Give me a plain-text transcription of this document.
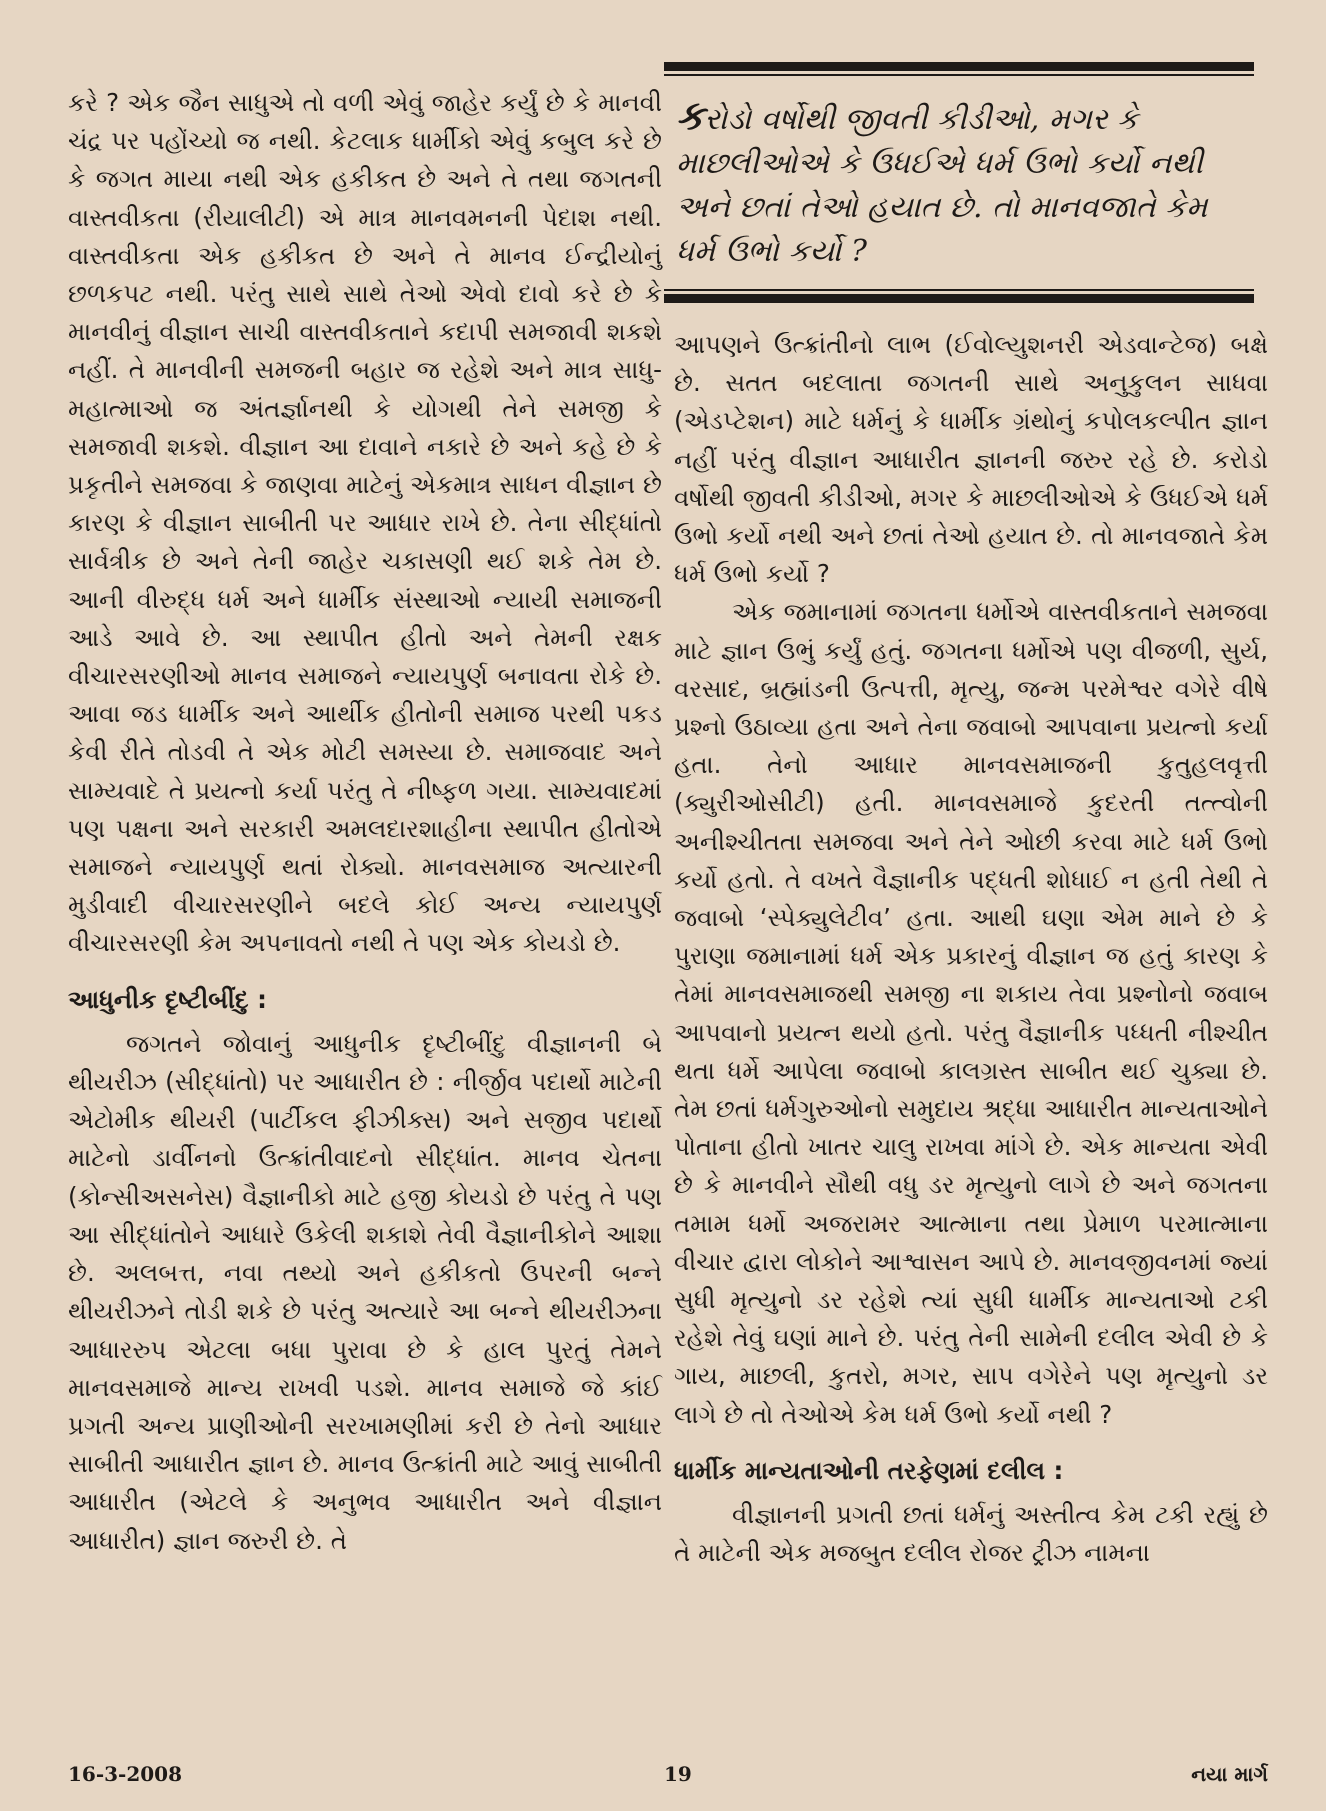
કરે ? એક જૈન સાધુએ તો વળી એવું જાહેર કર્યું છે કે માનવી ચંદ્ર પર પહોંચ્યો જ નથી. કેટલાક ધાર્મીકો એવું કબુલ કરે છે કે જગત માયા નથી એક હકીકત છે અને તે તથા જગતની વાસ્તવીકતા (રીયાલીટી) એ માત્ર માનવમનની પેદાશ નથી. વાસ્તવીકતા એક હકીકત છે અને તે માનવ ઈન્દ્રીયોનું છળકપટ નથી. પરંતુ સાથે સાથે તેઓ એવો દાવો કરે છે કે માનવીનું વીજ્ઞાન સાચી વાસ્તવીકતાને કદાપી સમજાવી શકશે નહીં. તે માનવીની સમજની બહાર જ રહેશે અને માત્ર સાધુ-મહાત્માઓ જ અંતર્જ્ઞાનથી કે યોગથી તેને સમજી કે સમજાવી શકશે. વીજ્ઞાન આ દાવાને નકારે છે અને કહે છે કે પ્રકૃતીને સમજવા કે જાણવા માટેનું એકમાત્ર સાધન વીજ્ઞાન છે કારણ કે વીજ્ઞાન સાબીતી પર આધાર રાખે છે. તેના સીદ્ધાંતો સાર્વત્રીક છે અને તેની જાહેર ચકાસણી થઈ શકે તેમ છે. આની વીરુદ્ધ ધર્મ અને ધાર્મીક સંસ્થાઓ ન્યાયી સમાજની આડે આવે છે. આ સ્થાપીત હીતો અને તેમની રક્ષક વીચારસરણીઓ માનવ સમાજને ન્યાયપુર્ણ બનાવતા રોકે છે. આવા જડ ધાર્મીક અને આર્થીક હીતોની સમાજ પરથી પકડ કેવી રીતે તોડવી તે એક મોટી સમસ્યા છે. સમાજવાદ અને સામ્યવાદે તે પ્રયત્નો કર્યા પરંતુ તે નીષ્ફળ ગયા. સામ્યવાદમાં પણ પક્ષના અને સરકારી અમલદારશાહીના સ્થાપીત હીતોએ સમાજને ન્યાયપુર્ણ થતાં રોક્યો. માનવસમાજ અત્યારની મુડીવાદી વીચારસરણીને બદલે કોઈ અન્ય ન્યાયપુર્ણ વીચારસરણી કેમ અપનાવતો નથી તે પણ એક કોયડો છે.

આધુનીક દૃષ્ટીબીંદુ :

જગતને જોવાનું આધુનીક દૃષ્ટીબીંદુ વીજ્ઞાનની બે થીયરીઝ (સીદ્ધાંતો) પર આધારીત છે : નીર્જીવ પદાર્થો માટેની એટોમીક થીયરી (પાર્ટીકલ ફીઝીક્સ) અને સજીવ પદાર્થો માટેનો ડાર્વીનનો ઉત્ક્રાંતીવાદનો સીદ્ધાંત. માનવ ચેતના (કોન્સીઅસનેસ) વૈજ્ઞાનીકો માટે હજી કોયડો છે પરંતુ તે પણ આ સીદ્ધાંતોને આધારે ઉકેલી શકાશે તેવી વૈજ્ઞાનીકોને આશા છે. અલબત્ત, નવા તથ્યો અને હકીકતો ઉપરની બન્ને થીયરીઝને તોડી શકે છે પરંતુ અત્યારે આ બન્ને થીયરીઝના આધારરુપ એટલા બધા પુરાવા છે કે હાલ પુરતું તેમને માનવસમાજે માન્ય રાખવી પડશે. માનવ સમાજે જે કાંઈ પ્રગતી અન્ય પ્રાણીઓની સરખામણીમાં કરી છે તેનો આધાર સાબીતી આધારીત જ્ઞાન છે. માનવ ઉત્ક્રાંતી માટે આવું સાબીતી આધારીત (એટલે કે અનુભવ આધારીત અને વીજ્ઞાન આધારીત) જ્ઞાન જરુરી છે. તે

કરોડો વર્ષોથી જીવતી કીડીઓ, મગર કે માછલીઓએ કે ઉધઈએ ધર્મ ઉભો કર્યો નથી અને છતાં તેઓ હયાત છે. તો માનવજાતે કેમ ધર્મ ઉભો કર્યો ?

આપણને ઉત્ક્રાંતીનો લાભ (ઈવોલ્યુશનરી એડવાન્ટેજ) બક્ષે છે. સતત બદલાતા જગતની સાથે અનુકુલન સાધવા (એડપ્ટેશન) માટે ધર્મનું કે ધાર્મીક ગ્રંથોનું કપોલકલ્પીત જ્ઞાન નહીં પરંતુ વીજ્ઞાન આધારીત જ્ઞાનની જરુર રહે છે. કરોડો વર્ષોથી જીવતી કીડીઓ, મગર કે માછલીઓએ કે ઉધઈએ ધર્મ ઉભો કર્યો નથી અને છતાં તેઓ હયાત છે. તો માનવજાતે કેમ ધર્મ ઉભો કર્યો ?

એક જમાનામાં જગતના ધર્મોએ વાસ્તવીકતાને સમજવા માટે જ્ઞાન ઉભું કર્યું હતું. જગતના ધર્મોએ પણ વીજળી, સુર્ય, વરસાદ, બ્રહ્માંડની ઉત્પત્તી, મૃત્યુ, જન્મ પરમેશ્વર વગેરે વીષે પ્રશ્નો ઉઠાવ્યા હતા અને તેના જવાબો આપવાના પ્રયત્નો કર્યા હતા. તેનો આધાર માનવસમાજની કુતુહલવૃત્તી (ક્યુરીઓસીટી) હતી. માનવસમાજે કુદરતી તત્ત્વોની અનીશ્ચીતતા સમજવા અને તેને ઓછી કરવા માટે ધર્મ ઉભો કર્યો હતો. તે વખતે વૈજ્ઞાનીક પદ્ધતી શોધાઈ ન હતી તેથી તે જવાબો ‘સ્પેક્યુલેટીવ’ હતા. આથી ઘણા એમ માને છે કે પુરાણા જમાનામાં ધર્મ એક પ્રકારનું વીજ્ઞાન જ હતું કારણ કે તેમાં માનવસમાજથી સમજી ના શકાય તેવા પ્રશ્નોનો જવાબ આપવાનો પ્રયત્ન થયો હતો. પરંતુ વૈજ્ઞાનીક પધ્ધતી નીશ્ચીત થતા ધર્મે આપેલા જવાબો કાલગ્રસ્ત સાબીત થઈ ચુક્યા છે. તેમ છતાં ધર્મગુરુઓનો સમુદાય શ્રદ્ધા આધારીત માન્યતાઓને પોતાના હીતો ખાતર ચાલુ રાખવા માંગે છે. એક માન્યતા એવી છે કે માનવીને સૌથી વધુ ડર મૃત્યુનો લાગે છે અને જગતના તમામ ધર્મો અજરામર આત્માના તથા પ્રેમાળ પરમાત્માના વીચાર દ્વારા લોકોને આશ્વાસન આપે છે. માનવજીવનમાં જ્યાં સુધી મૃત્યુનો ડર રહેશે ત્યાં સુધી ધાર્મીક માન્યતાઓ ટકી રહેશે તેવું ઘણાં માને છે. પરંતુ તેની સામેની દલીલ એવી છે કે ગાય, માછલી, કુતરો, મગર, સાપ વગેરેને પણ મૃત્યુનો ડર લાગે છે તો તેઓએ કેમ ધર્મ ઉભો કર્યો નથી ?

ધાર્મીક માન્યતાઓની તરફેણમાં દલીલ :

વીજ્ઞાનની પ્રગતી છતાં ધર્મનું અસ્તીત્વ કેમ ટકી રહ્યું છે તે માટેની એક મજબુત દલીલ રોજર ટ્રીઝ નામના

16-3-2008	19	નયા માર્ગ
